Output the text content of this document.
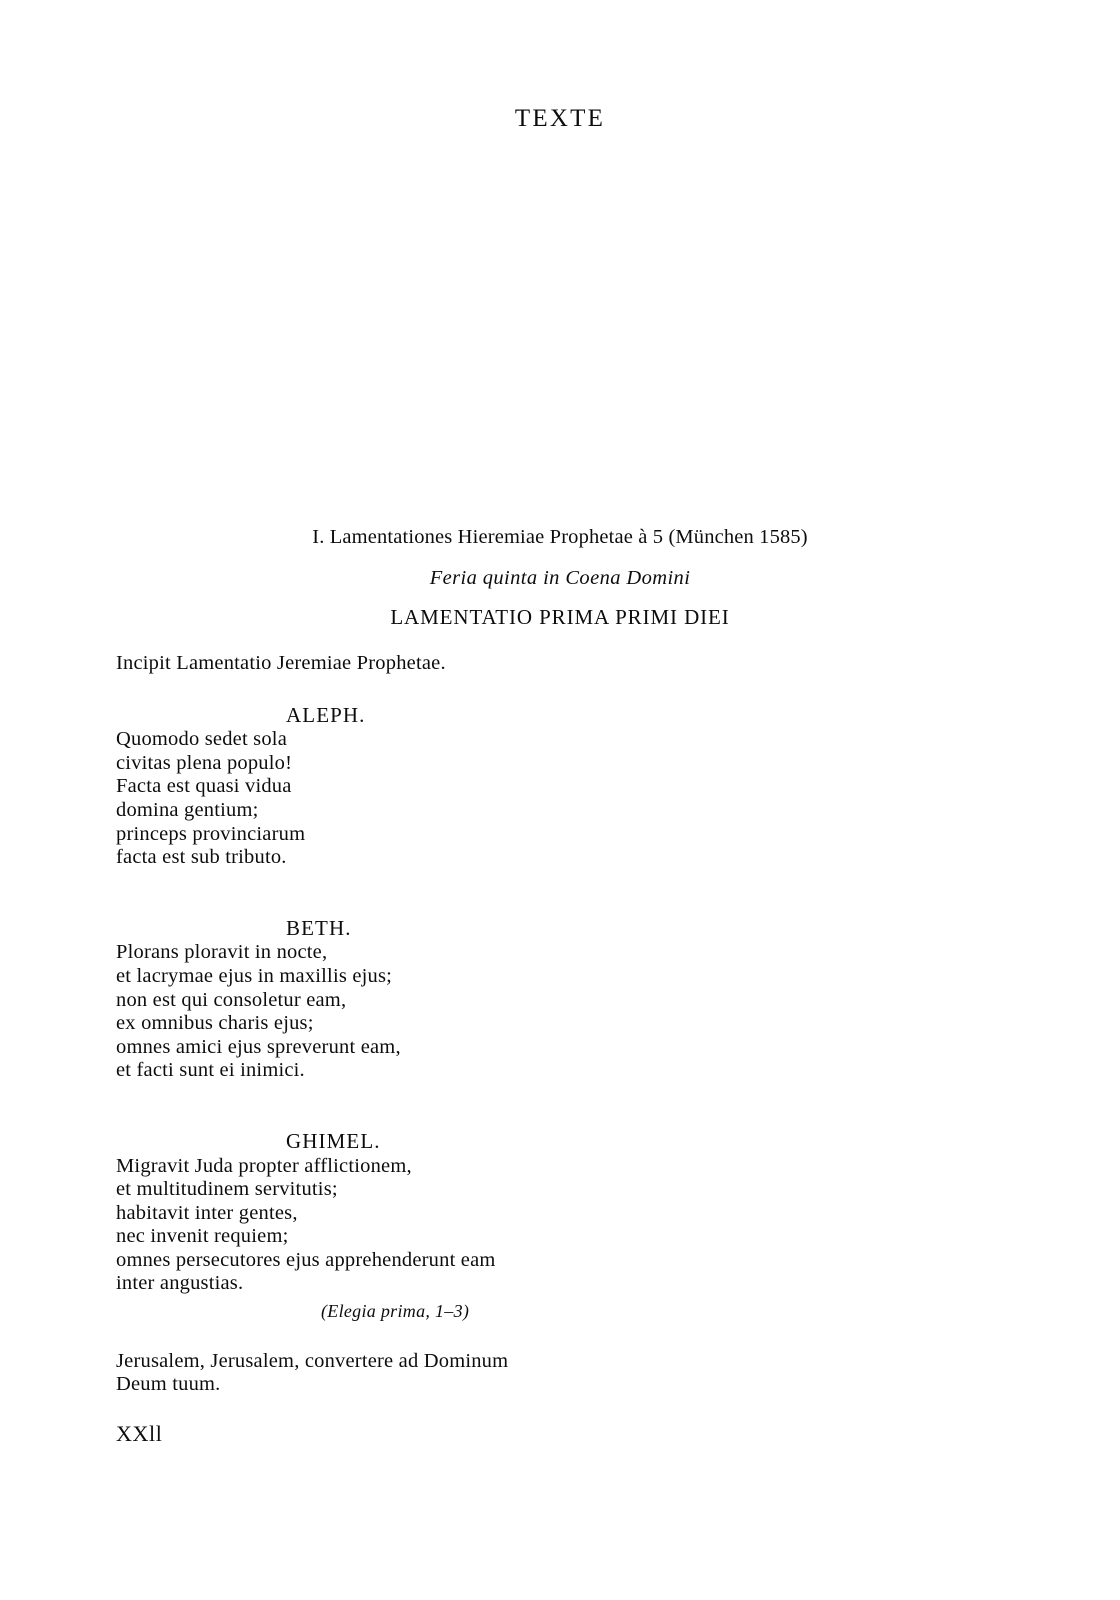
TEXTE
I. Lamentationes Hieremiae Prophetae à 5 (München 1585)
Feria quinta in Coena Domini
LAMENTATIO PRIMA PRIMI DIEI

Incipit Lamentatio Jeremiae Prophetae.

ALEPH.

Quomodo sedet sola
civitas plena populo!
Facta est quasi vidua
domina gentium;
princeps provinciarum
facta est sub tributo.

BETH.

Plorans ploravit in nocte,
et lacrymae ejus in maxillis ejus;
non est qui consoletur eam,
ex omnibus charis ejus;
omnes amici ejus spreverunt eam,
et facti sunt ei inimici.

GHIMEL.

Migravit Juda propter afflictionem,
et multitudinem servitutis;
habitavit inter gentes,
nec invenit requiem;
omnes persecutores ejus apprehenderunt eam
inter angustias.

(Elegia prima, 1–3)

Jerusalem, Jerusalem, convertere ad Dominum

Deum tuum.

XXll
